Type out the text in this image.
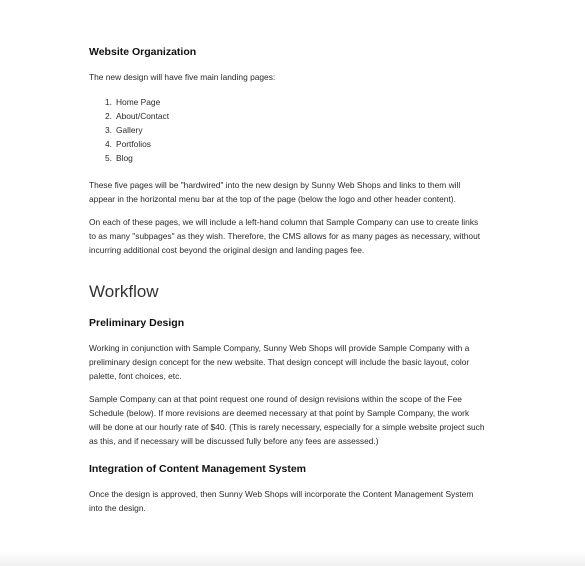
Website Organization

The new design will have five main landing pages:

1. Home Page
2. About/Contact
3. Gallery
4. Portfolios
5. Blog

These five pages will be "hardwired" into the new design by Sunny Web Shops and links to them will

appear in the horizontal menu bar at the top of the page (below the logo and other header content).

On each of these pages, we will include a left-hand column that Sample Company can use to create links

to as many "subpages" as they wish. Therefore, the CMS allows for as many pages as necessary, without

incurring additional cost beyond the original design and landing pages fee.

Workflow
Preliminary Design

Working in conjunction with Sample Company, Sunny Web Shops will provide Sample Company with a

preliminary design concept for the new website. That design concept will include the basic layout, color

palette, font choices, etc.

Sample Company can at that point request one round of design revisions within the scope of the Fee

Schedule (below). If more revisions are deemed necessary at that point by Sample Company, the work

will be done at our hourly rate of $40. (This is rarely necessary, especially for a simple website project such

as this, and if necessary will be discussed fully before any fees are assessed.)

Integration of Content Management System

Once the design is approved, then Sunny Web Shops will incorporate the Content Management System

into the design.
